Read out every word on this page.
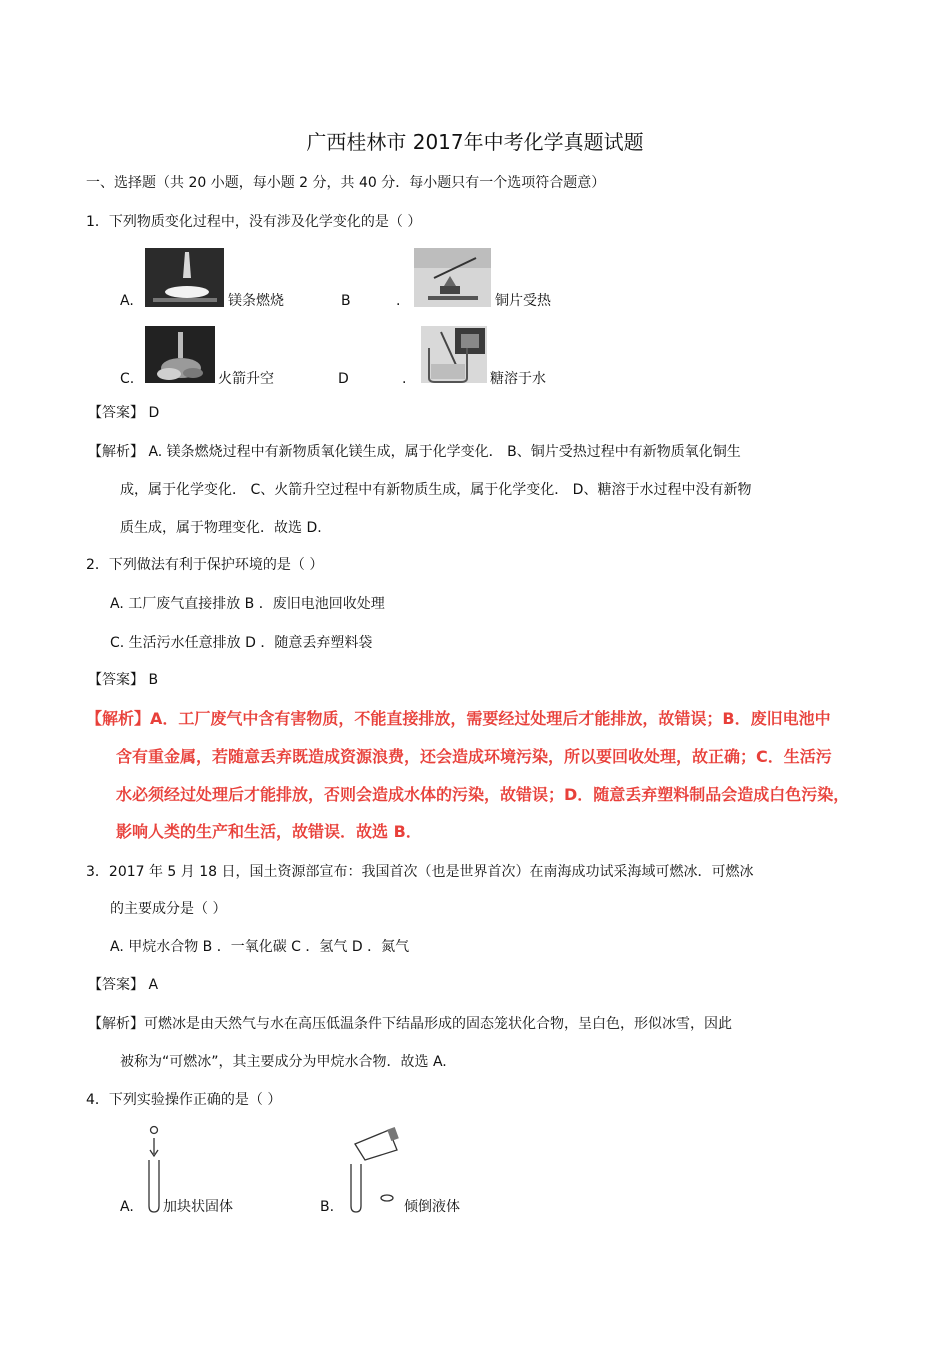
广西桂林市 2017年中考化学真题试题
一、选择题（共 20 小题，每小题 2 分，共 40 分．每小题只有一个选项符合题意）
1．下列物质变化过程中，没有涉及化学变化的是（ ）
A.	镁条燃烧	B	.	铜片受热
C.	火箭升空	D	.	糖溶于水
【答案】 D
【解析】 A. 镁条燃烧过程中有新物质氧化镁生成，属于化学变化． B、铜片受热过程中有新物质氧化铜生
成，属于化学变化． C、火箭升空过程中有新物质生成，属于化学变化． D、糖溶于水过程中没有新物
质生成，属于物理变化．故选 D.
2．下列做法有利于保护环境的是（ ）
A. 工厂废气直接排放 B ．废旧电池回收处理
C. 生活污水任意排放 D ．随意丢弃塑料袋
【答案】 B
【解析】A．工厂废气中含有害物质，不能直接排放，需要经过处理后才能排放，故错误；B．废旧电池中
含有重金属，若随意丢弃既造成资源浪费，还会造成环境污染，所以要回收处理，故正确；C．生活污
水必须经过处理后才能排放，否则会造成水体的污染，故错误；D．随意丢弃塑料制品会造成白色污染，
影响人类的生产和生活，故错误．故选 B．
3．2017 年 5 月 18 日，国土资源部宣布：我国首次（也是世界首次）在南海成功试采海域可燃冰．可燃冰
的主要成分是（ ）
A. 甲烷水合物 B ．一氧化碳 C ．氢气 D ．氮气
【答案】 A
【解析】可燃冰是由天然气与水在高压低温条件下结晶形成的固态笼状化合物，呈白色，形似冰雪，因此
被称为“可燃冰”，其主要成分为甲烷水合物．故选 A.
4．下列实验操作正确的是（ ）
A. 加块状固体	B.	倾倒液体
